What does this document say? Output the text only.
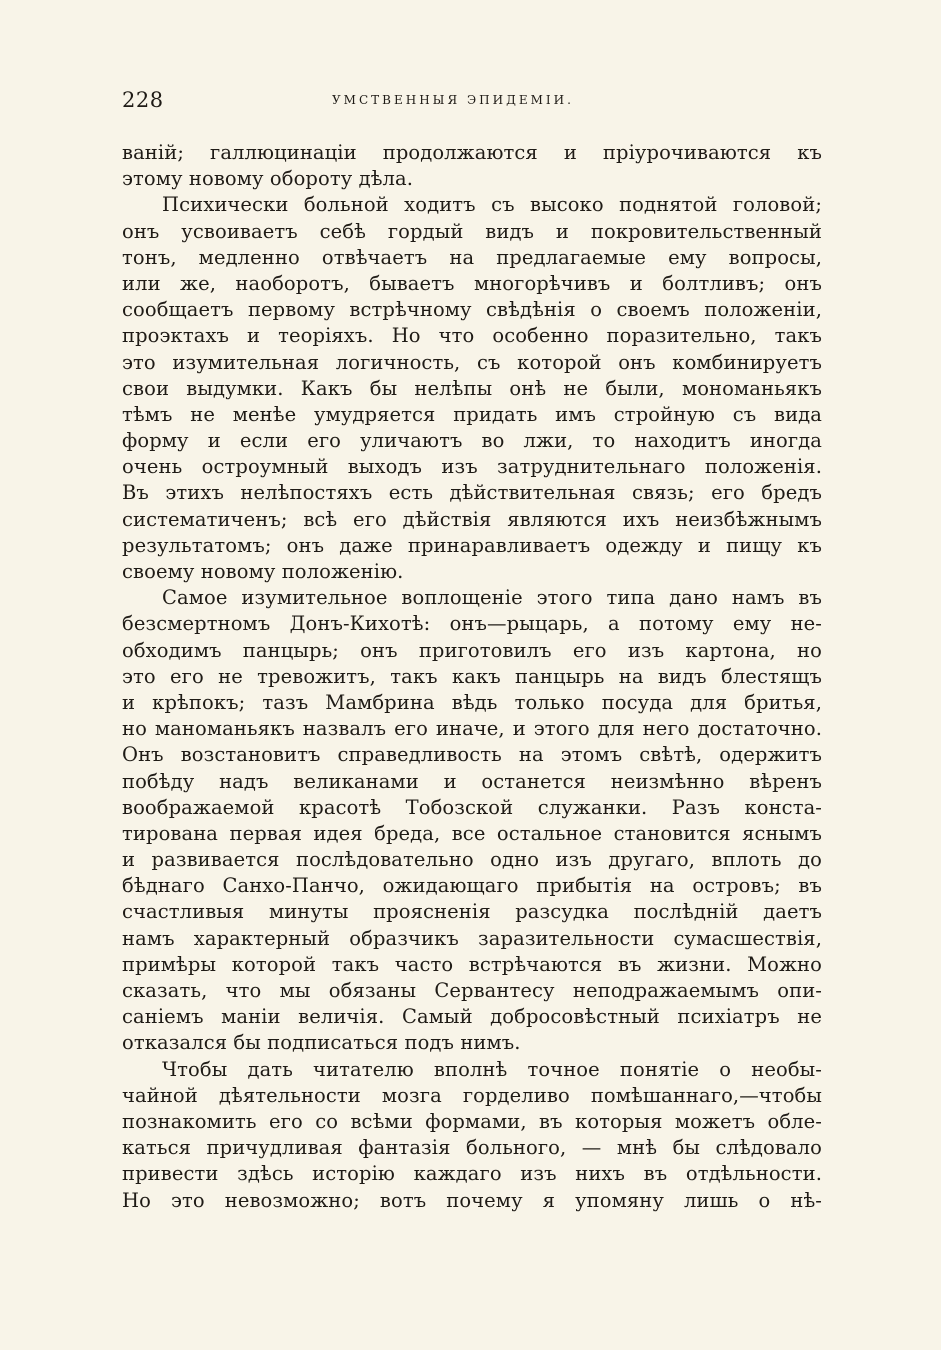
228	УМСТВЕННЫЯ ЭПИДЕМІИ.
ваній; галлюцинаціи продолжаются и пріурочиваются къ
этому новому обороту дѣла.
Психически больной ходитъ съ высоко поднятой головой;
онъ усвоиваетъ себѣ гордый видъ и покровительственный
тонъ, медленно отвѣчаетъ на предлагаемые ему вопросы,
или же, наоборотъ, бываетъ многорѣчивъ и болтливъ; онъ
сообщаетъ первому встрѣчному свѣдѣнія о своемъ положеніи,
проэктахъ и теоріяхъ. Но что особенно поразительно, такъ
это изумительная логичность, съ которой онъ комбинируетъ
свои выдумки. Какъ бы нелѣпы онѣ не были, мономаньякъ
тѣмъ не менѣе умудряется придать имъ стройную съ вида
форму и если его уличаютъ во лжи, то находитъ иногда
очень остроумный выходъ изъ затруднительнаго положенія.
Въ этихъ нелѣпостяхъ есть дѣйствительная связь; его бредъ
систематиченъ; всѣ его дѣйствія являются ихъ неизбѣжнымъ
результатомъ; онъ даже принаравливаетъ одежду и пищу къ
своему новому положенію.
Самое изумительное воплощеніе этого типа дано намъ въ
безсмертномъ Донъ-Кихотѣ: онъ—рыцарь, а потому ему не-
обходимъ панцырь; онъ приготовилъ его изъ картона, но
это его не тревожитъ, такъ какъ панцырь на видъ блестящъ
и крѣпокъ; тазъ Мамбрина вѣдь только посуда для бритья,
но маноманьякъ назвалъ его иначе, и этого для него достаточно.
Онъ возстановитъ справедливость на этомъ свѣтѣ, одержитъ
побѣду надъ великанами и останется неизмѣнно вѣренъ
воображаемой красотѣ Тобозской служанки. Разъ конста-
тирована первая идея бреда, все остальное становится яснымъ
и развивается послѣдовательно одно изъ другаго, вплоть до
бѣднаго Санхо-Панчо, ожидающаго прибытія на островъ; въ
счастливыя минуты проясненія разсудка послѣдній даетъ
намъ характерный образчикъ заразительности сумасшествія,
примѣры которой такъ часто встрѣчаются въ жизни. Можно
сказать, что мы обязаны Сервантесу неподражаемымъ опи-
саніемъ маніи величія. Самый добросовѣстный психіатръ не
отказался бы подписаться подъ нимъ.
Чтобы дать читателю вполнѣ точное понятіе о необы-
чайной дѣятельности мозга горделиво помѣшаннаго,—чтобы
познакомить его со всѣми формами, въ которыя можетъ обле-
каться причудливая фантазія больного, — мнѣ бы слѣдовало
привести здѣсь исторію каждаго изъ нихъ въ отдѣльности.
Но это невозможно; вотъ почему я упомяну лишь о нѣ-
